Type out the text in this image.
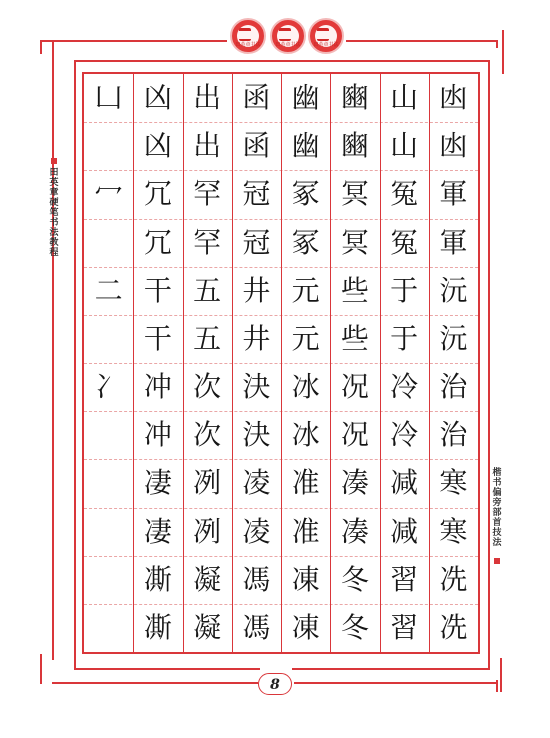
田英章书法	田英章书法	田英章书法
田英章硬笔书法教程
楷书偏旁部首技法
凼
凼
軍
軍
沅
沅
治
治
寒
寒
冼
冼
山
山
冤
冤
于
于
冷
冷
减
减
習
習
豳
豳
冥
冥
些
些
况
况
凑
凑
冬
冬
幽
幽
冢
冢
元
元
冰
冰
准
准
凍
凍
函
函
冠
冠
井
井
決
決
凌
凌
馮
馮
出
出
罕
罕
五
五
次
次
冽
冽
凝
凝
凶
凶
冗
冗
干
干
冲
冲
凄
凄
凘
凘
凵
冖
二
冫
8
